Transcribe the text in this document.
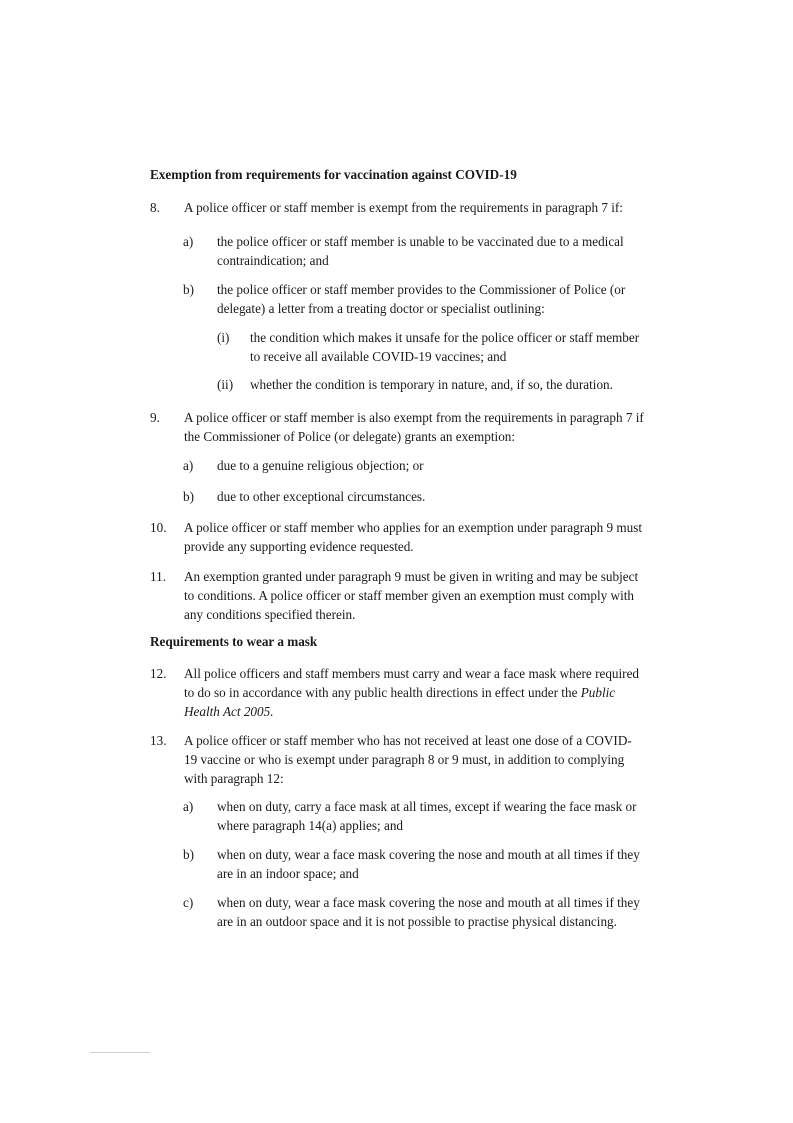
Exemption from requirements for vaccination against COVID-19
8. A police officer or staff member is exempt from the requirements in paragraph 7 if:
a) the police officer or staff member is unable to be vaccinated due to a medical
contraindication; and
b) the police officer or staff member provides to the Commissioner of Police (or
delegate) a letter from a treating doctor or specialist outlining:
(i) the condition which makes it unsafe for the police officer or staff member
to receive all available COVID-19 vaccines; and
(ii) whether the condition is temporary in nature, and, if so, the duration.
9. A police officer or staff member is also exempt from the requirements in paragraph 7 if
the Commissioner of Police (or delegate) grants an exemption:
a) due to a genuine religious objection; or
b) due to other exceptional circumstances.
10. A police officer or staff member who applies for an exemption under paragraph 9 must
provide any supporting evidence requested.
11. An exemption granted under paragraph 9 must be given in writing and may be subject
to conditions. A police officer or staff member given an exemption must comply with
any conditions specified therein.
Requirements to wear a mask
12. All police officers and staff members must carry and wear a face mask where required
to do so in accordance with any public health directions in effect under the Public
Health Act 2005.
13. A police officer or staff member who has not received at least one dose of a COVID-
19 vaccine or who is exempt under paragraph 8 or 9 must, in addition to complying
with paragraph 12:
a) when on duty, carry a face mask at all times, except if wearing the face mask or
where paragraph 14(a) applies; and
b) when on duty, wear a face mask covering the nose and mouth at all times if they
are in an indoor space; and
c) when on duty, wear a face mask covering the nose and mouth at all times if they
are in an outdoor space and it is not possible to practise physical distancing.
